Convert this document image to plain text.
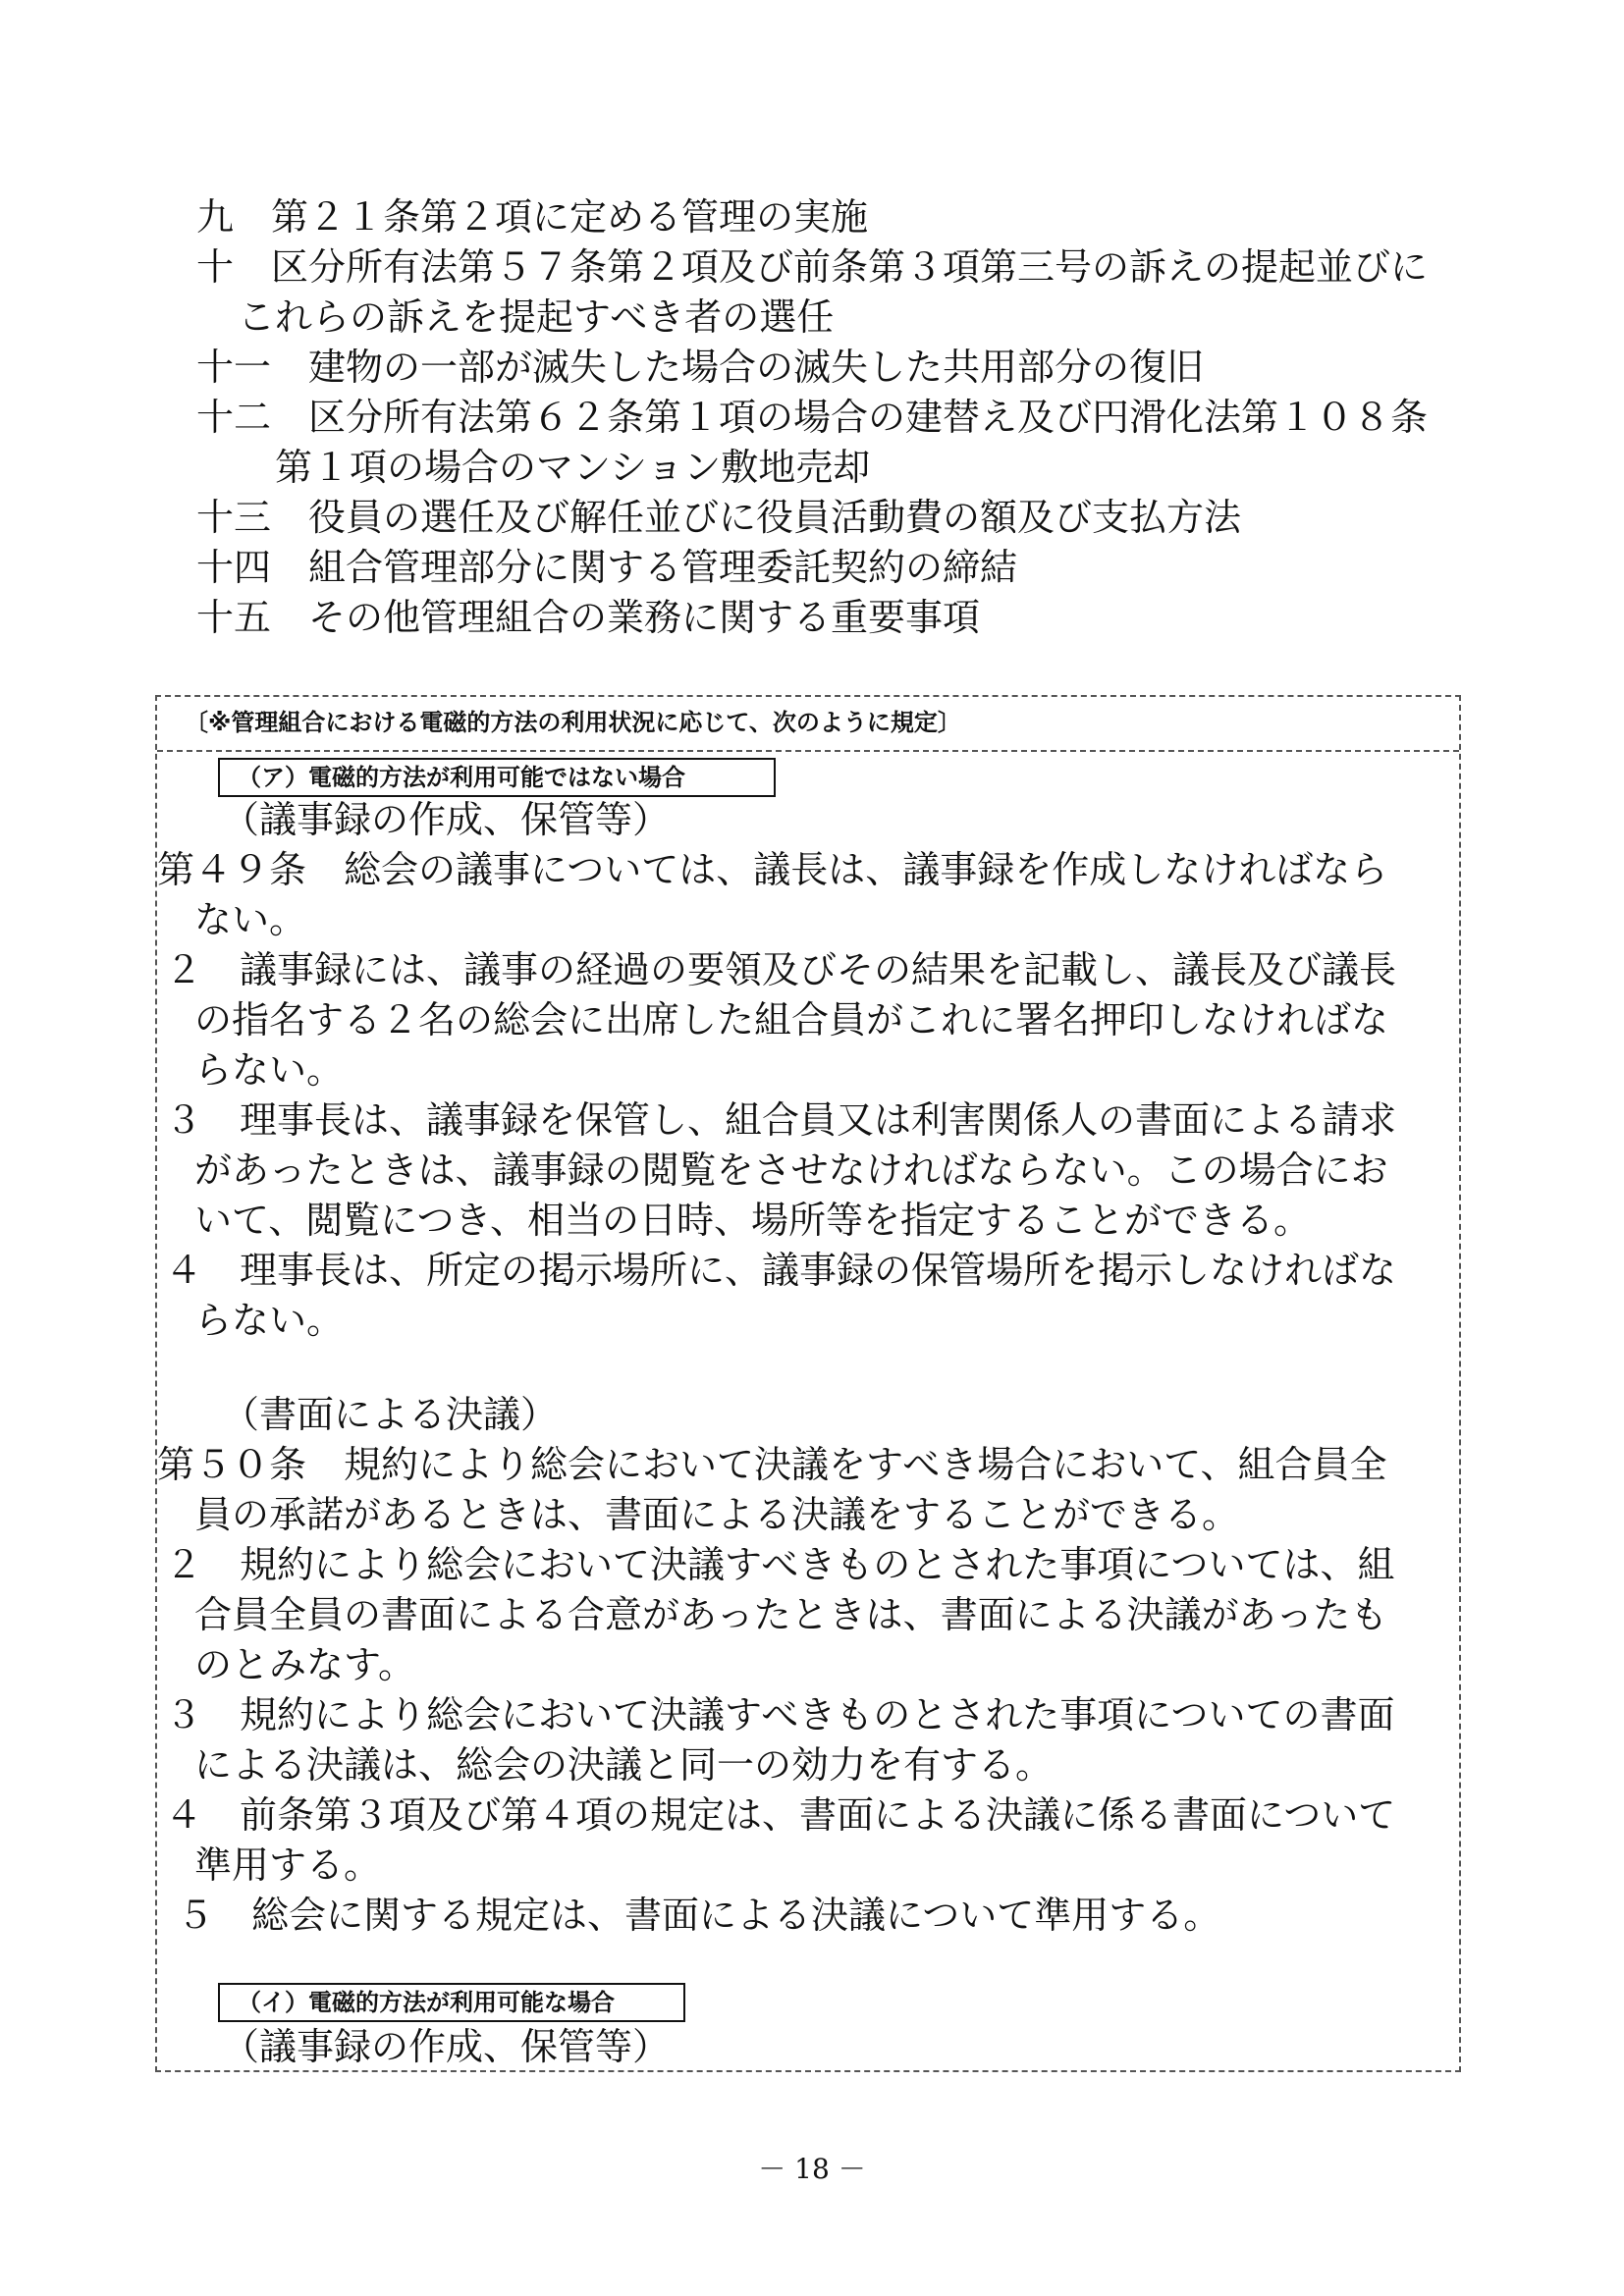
九　 第２１条第２項に定める管理の実施
十　 区分所有法第５７条第２項及び前条第３項第三号の訴えの提起並びに
これらの訴えを提起すべき者の選任
十一　 建物の一部が滅失した場合の滅失した共用部分の復旧
十二　 区分所有法第６２条第１項の場合の建替え及び円滑化法第１０８条
第１項の場合のマンション敷地売却
十三　 役員の選任及び解任並びに役員活動費の額及び支払方法
十四　 組合管理部分に関する管理委託契約の締結
十五　 その他管理組合の業務に関する重要事項
〔※管理組合における電磁的方法の利用状況に応じて、次のように規定〕
（ア）電磁的方法が利用可能ではない場合
（議事録の作成、保管等）
第４９条　 総会の議事については、議長は、議事録を作成しなければなら
ない。
２　 議事録には、議事の経過の要領及びその結果を記載し、議長及び議長
の指名する２名の総会に出席した組合員がこれに署名押印しなければな
らない。
３　 理事長は、議事録を保管し、組合員又は利害関係人の書面による請求
があったときは、議事録の閲覧をさせなければならない。この場合にお
いて、閲覧につき、相当の日時、場所等を指定することができる。
４　 理事長は、所定の掲示場所に、議事録の保管場所を掲示しなければな
らない。
（書面による決議）
第５０条　 規約により総会において決議をすべき場合において、組合員全
員の承諾があるときは、書面による決議をすることができる。
２　 規約により総会において決議すべきものとされた事項については、組
合員全員の書面による合意があったときは、書面による決議があったも
のとみなす。
３　 規約により総会において決議すべきものとされた事項についての書面
による決議は、総会の決議と同一の効力を有する。
４　 前条第３項及び第４項の規定は、書面による決議に係る書面について
準用する。
５　 総会に関する規定は、書面による決議について準用する。
（イ）電磁的方法が利用可能な場合
（議事録の作成、保管等）
－ 18 －
